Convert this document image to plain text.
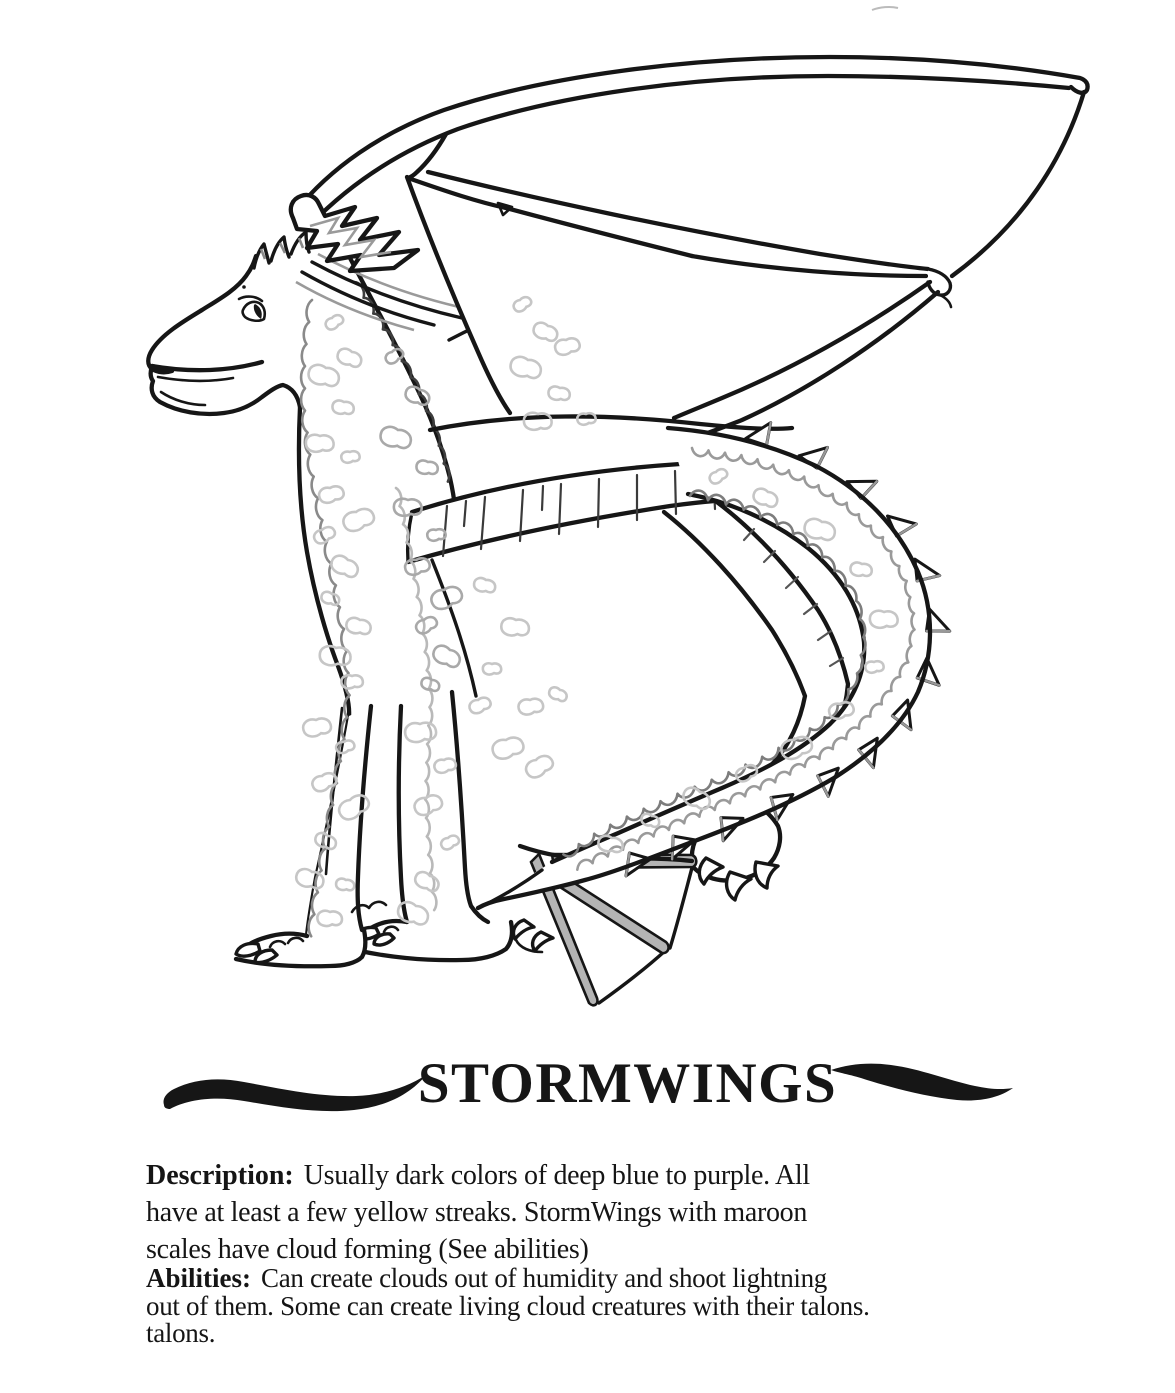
STORMWINGS
Description: Usually dark colors of deep blue to purple. All
have at least a few yellow streaks. StormWings with maroon
scales have cloud forming (See abilities)
Abilities: Can create clouds out of humidity and shoot lightning
out of them. Some can create living cloud creatures with their talons.
talons.
